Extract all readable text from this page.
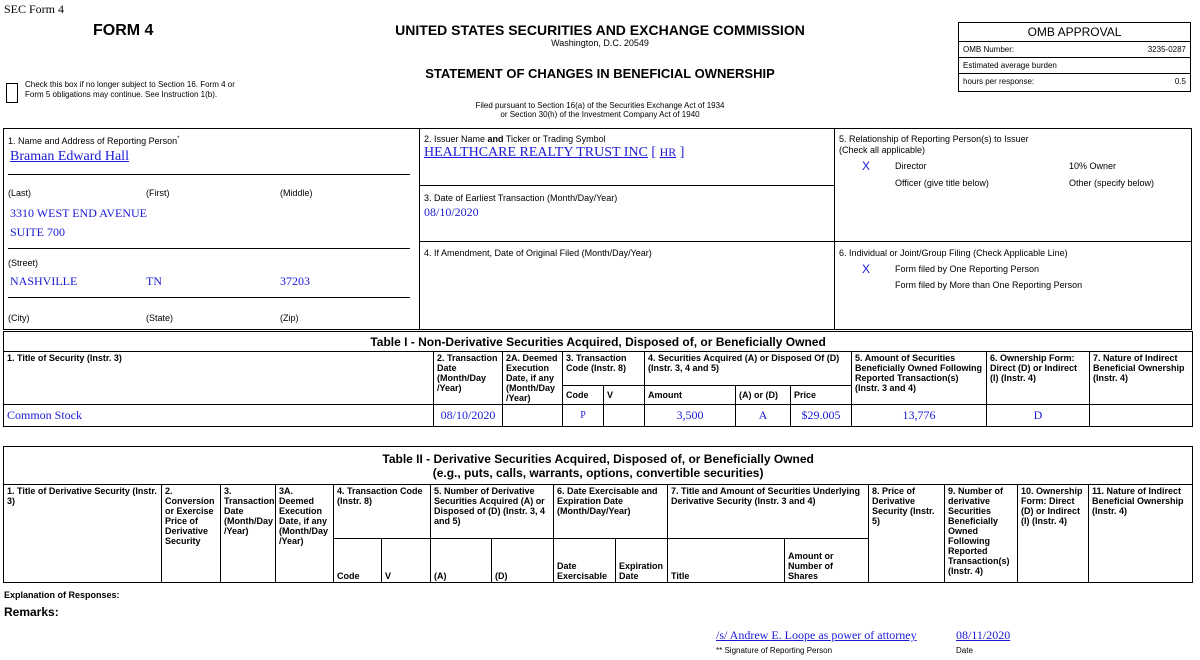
SEC Form 4
FORM 4	UNITED STATES SECURITIES AND EXCHANGE COMMISSION
Washington, D.C. 20549
STATEMENT OF CHANGES IN BENEFICIAL OWNERSHIP
Filed pursuant to Section 16(a) of the Securities Exchange Act of 1934
or Section 30(h) of the Investment Company Act of 1940
Check this box if no longer subject to Section 16. Form 4 or Form 5 obligations may continue. See Instruction 1(b).
OMB APPROVAL
OMB Number:	3235-0287
Estimated average burden
hours per response:	0.5
1. Name and Address of Reporting Person*
Braman Edward Hall
(Last)	(First)	(Middle)
3310 WEST END AVENUE
SUITE 700
(Street)
NASHVILLE	TN	37203
(City)	(State)	(Zip)
2. Issuer Name and Ticker or Trading Symbol
HEALTHCARE REALTY TRUST INC [ HR ]
3. Date of Earliest Transaction (Month/Day/Year)
08/10/2020
4. If Amendment, Date of Original Filed (Month/Day/Year)
5. Relationship of Reporting Person(s) to Issuer
(Check all applicable)
X	Director	10% Owner
Officer (give title below)	Other (specify below)
6. Individual or Joint/Group Filing (Check Applicable Line)
X	Form filed by One Reporting Person
Form filed by More than One Reporting Person
Table I - Non-Derivative Securities Acquired, Disposed of, or Beneficially Owned										
1. Title of Security (Instr. 3)	2. Transaction Date (Month/Day /Year)	2A. Deemed Execution Date, if any (Month/Day /Year)	3. Transaction Code (Instr. 8)		4. Securities Acquired (A) or Disposed Of (D) (Instr. 3, 4 and 5)			5. Amount of Securities Beneficially Owned Following Reported Transaction(s) (Instr. 3 and 4)	6. Ownership Form: Direct (D) or Indirect (I) (Instr. 4)	7. Nature of Indirect Beneficial Ownership (Instr. 4)
			Code	V	Amount	(A) or (D)	Price			
Common Stock	08/10/2020		P		3,500	A	$29.005	13,776	D	
Table II - Derivative Securities Acquired, Disposed of, or Beneficially Owned
(e.g., puts, calls, warrants, options, convertible securities)															

1. Title of Derivative Security (Instr. 3)	2. Conversion or Exercise Price of Derivative Security	3. Transaction Date (Month/Day /Year)	3A. Deemed Execution Date, if any (Month/Day /Year)	4. Transaction Code (Instr. 8)		5. Number of Derivative Securities Acquired (A) or Disposed of (D) (Instr. 3, 4 and 5)		6. Date Exercisable and Expiration Date (Month/Day/Year)		7. Title and Amount of Securities Underlying Derivative Security (Instr. 3 and 4)		8. Price of Derivative Security (Instr. 5)	9. Number of derivative Securities Beneficially Owned Following Reported Transaction(s) (Instr. 4)	10. Ownership Form: Direct (D) or Indirect (I) (Instr. 4)	11. Nature of Indirect Beneficial Ownership (Instr. 4)
				Code	V	(A)	(D)	Date Exercisable	Expiration Date	Title	Amount or Number of Shares				
Explanation of Responses:
Remarks:
/s/ Andrew E. Loope as power of attorney	08/11/2020
** Signature of Reporting Person	Date
